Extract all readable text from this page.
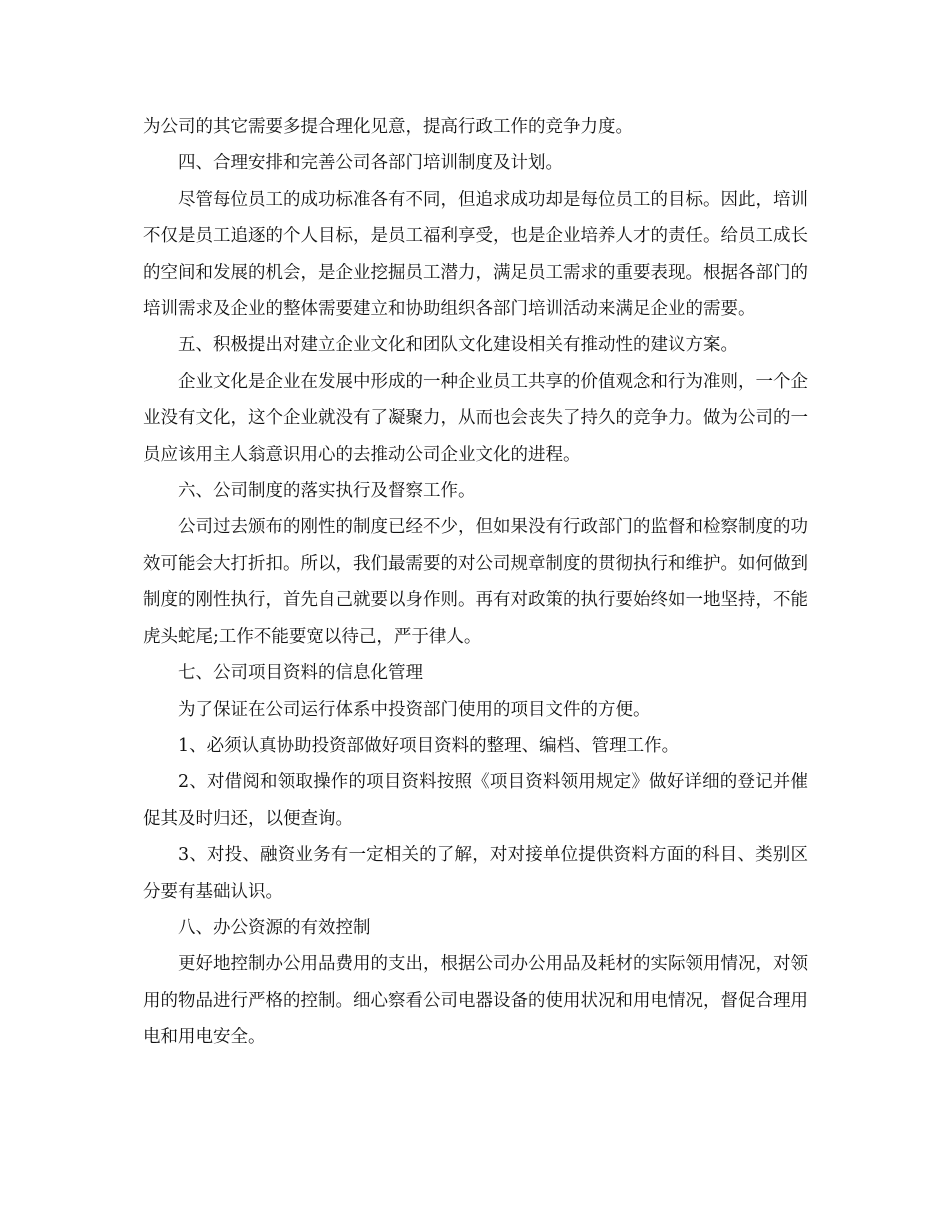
为公司的其它需要多提合理化见意，提高行政工作的竞争力度。

四、合理安排和完善公司各部门培训制度及计划。

尽管每位员工的成功标准各有不同，但追求成功却是每位员工的目标。因此，培训不仅是员工追逐的个人目标，是员工福利享受，也是企业培养人才的责任。给员工成长的空间和发展的机会，是企业挖掘员工潜力，满足员工需求的重要表现。根据各部门的培训需求及企业的整体需要建立和协助组织各部门培训活动来满足企业的需要。

五、积极提出对建立企业文化和团队文化建设相关有推动性的建议方案。

企业文化是企业在发展中形成的一种企业员工共享的价值观念和行为准则，一个企业没有文化，这个企业就没有了凝聚力，从而也会丧失了持久的竞争力。做为公司的一员应该用主人翁意识用心的去推动公司企业文化的进程。

六、公司制度的落实执行及督察工作。

公司过去颁布的刚性的制度已经不少，但如果没有行政部门的监督和检察制度的功效可能会大打折扣。所以，我们最需要的对公司规章制度的贯彻执行和维护。如何做到制度的刚性执行，首先自己就要以身作则。再有对政策的执行要始终如一地坚持，不能虎头蛇尾;工作不能要宽以待己，严于律人。

七、公司项目资料的信息化管理

为了保证在公司运行体系中投资部门使用的项目文件的方便。

1、必须认真协助投资部做好项目资料的整理、编档、管理工作。

2、对借阅和领取操作的项目资料按照《项目资料领用规定》做好详细的登记并催促其及时归还，以便查询。

3、对投、融资业务有一定相关的了解，对对接单位提供资料方面的科目、类别区分要有基础认识。

八、办公资源的有效控制

更好地控制办公用品费用的支出，根据公司办公用品及耗材的实际领用情况，对领用的物品进行严格的控制。细心察看公司电器设备的使用状况和用电情况，督促合理用电和用电安全。
